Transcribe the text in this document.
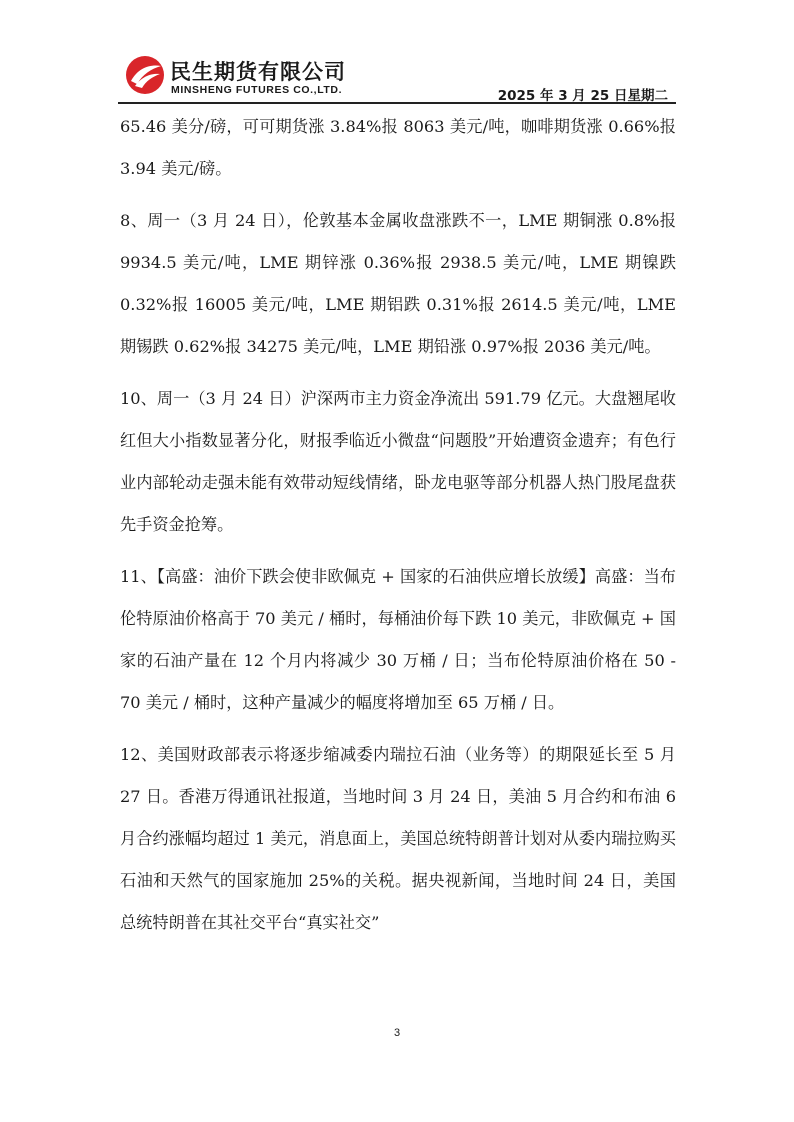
民生期货有限公司
MINSHENG FUTURES CO.,LTD.	2025 年 3 月 25 日星期二

65.46 美分/磅，可可期货涨 3.84%报 8063 美元/吨，咖啡期货涨 0.66%报 3.94 美元/磅。

8、周一（3 月 24 日），伦敦基本金属收盘涨跌不一，LME 期铜涨 0.8%报 9934.5 美元/吨，LME 期锌涨 0.36%报 2938.5 美元/吨，LME 期镍跌 0.32%报 16005 美元/吨，LME 期铝跌 0.31%报 2614.5 美元/吨，LME 期锡跌 0.62%报 34275 美元/吨，LME 期铅涨 0.97%报 2036 美元/吨。

10、周一（3 月 24 日）沪深两市主力资金净流出 591.79 亿元。大盘翘尾收红但大小指数显著分化，财报季临近小微盘“问题股”开始遭资金遗弃；有色行业内部轮动走强未能有效带动短线情绪，卧龙电驱等部分机器人热门股尾盘获先手资金抢筹。

11、【高盛：油价下跌会使非欧佩克 + 国家的石油供应增长放缓】高盛：当布伦特原油价格高于 70 美元 / 桶时，每桶油价每下跌 10 美元，非欧佩克 + 国家的石油产量在 12 个月内将减少 30 万桶 / 日；当布伦特原油价格在 50 - 70 美元 / 桶时，这种产量减少的幅度将增加至 65 万桶 / 日。

12、美国财政部表示将逐步缩减委内瑞拉石油（业务等）的期限延长至 5 月 27 日。香港万得通讯社报道，当地时间 3 月 24 日，美油 5 月合约和布油 6 月合约涨幅均超过 1 美元，消息面上，美国总统特朗普计划对从委内瑞拉购买石油和天然气的国家施加 25%的关税。据央视新闻，当地时间 24 日，美国总统特朗普在其社交平台“真实社交”

3
